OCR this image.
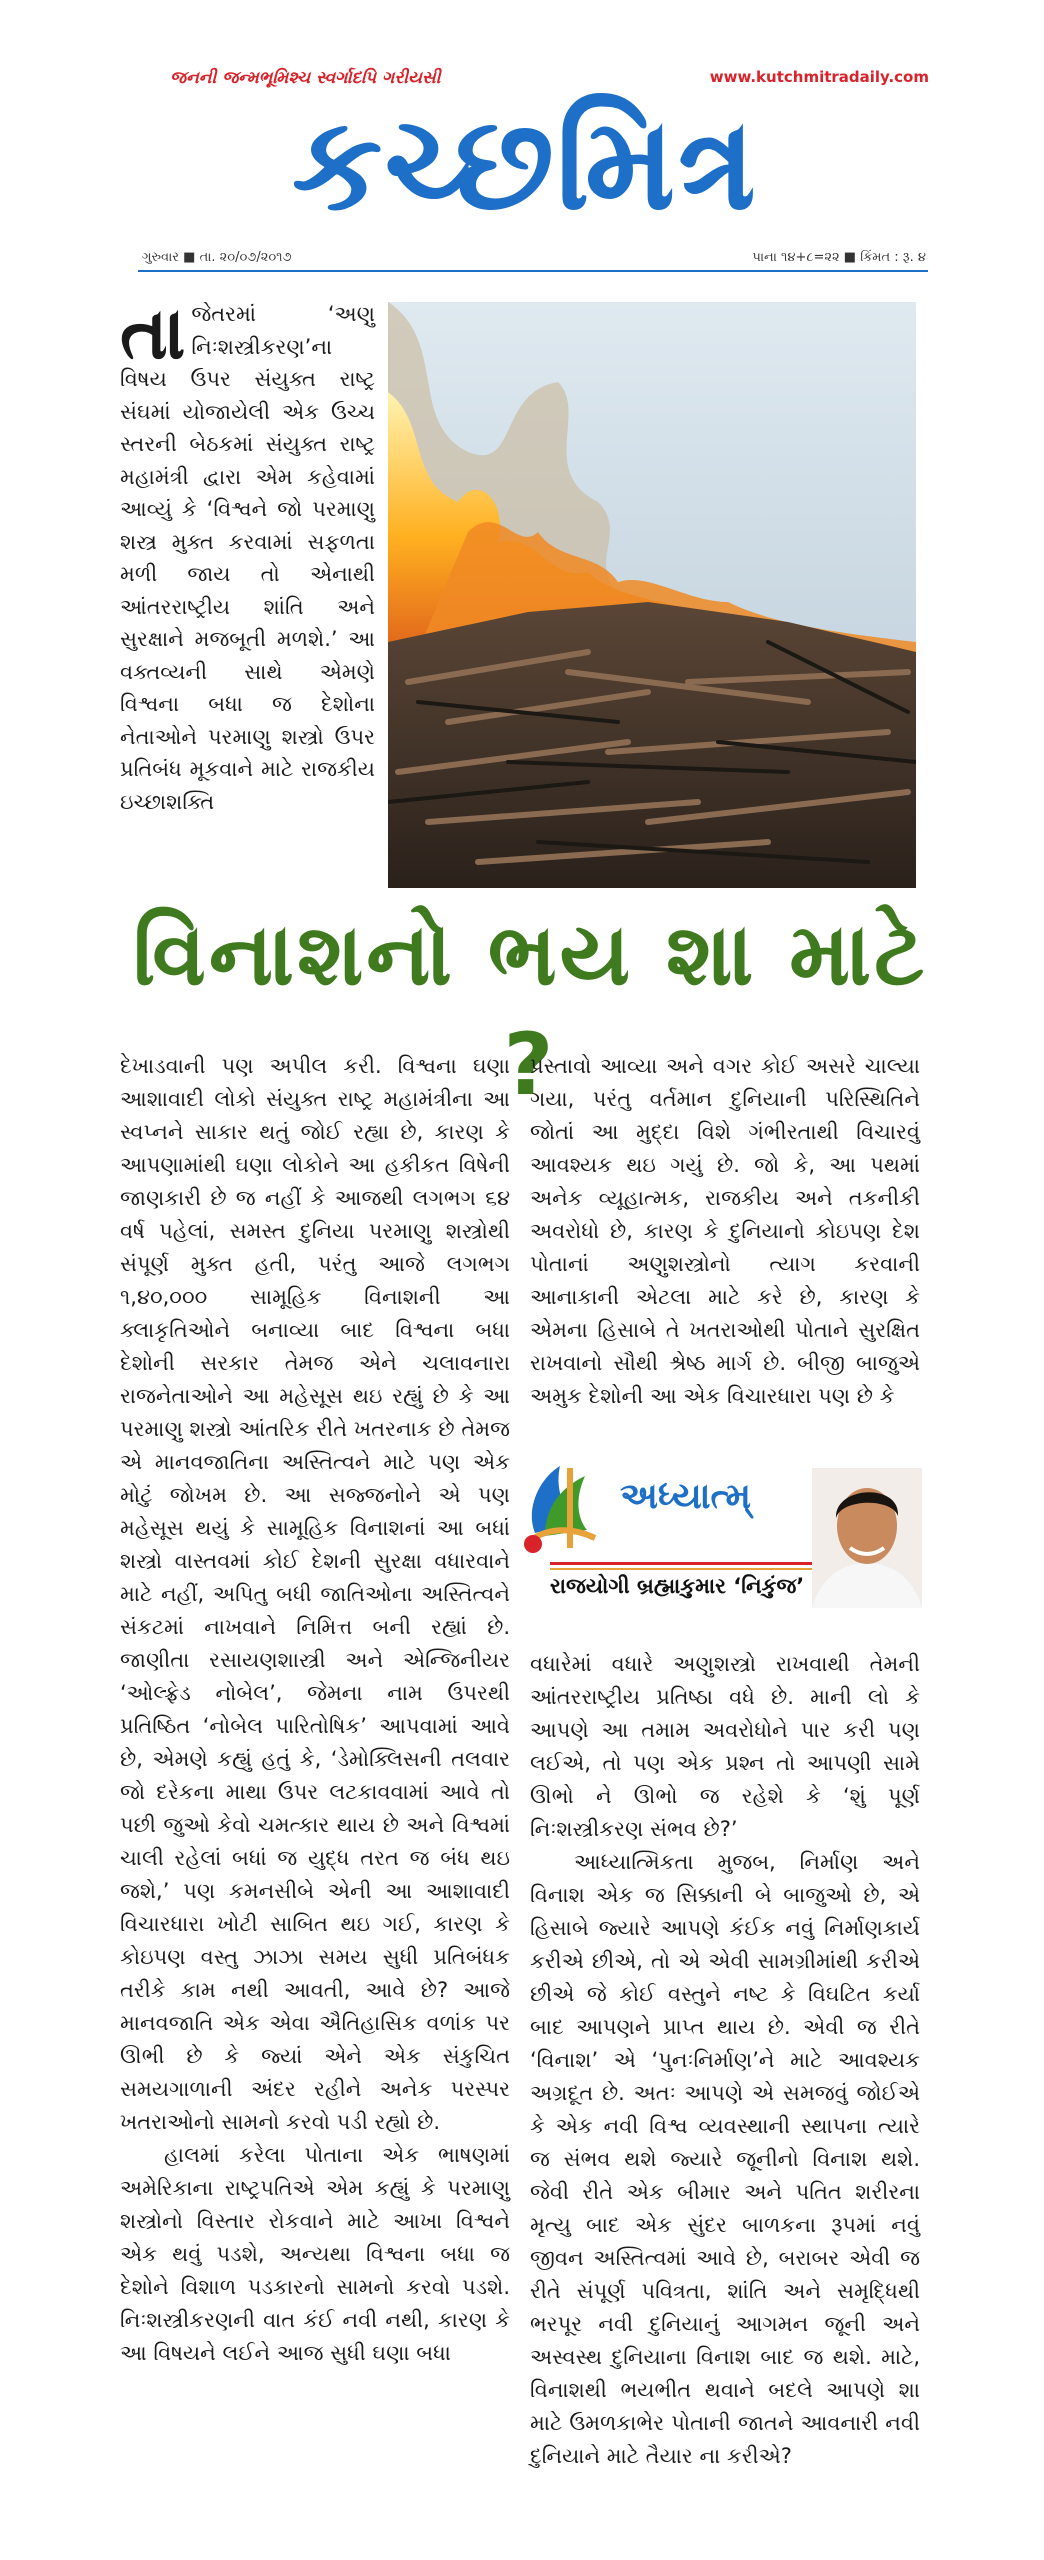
જનની જન્મભૂમિશ્ચ સ્વર્ગાદપિ ગરીયસી	www.kutchmitradaily.com
કચ્છમિત્ર
ગુરુવાર ■ તા. ૨૦/૦૭/૨૦૧૭	પાના ૧૪+૮=૨૨ ■ કિંમત : રૂ. ૪
તાજેતરમાં ‘અણુ નિઃશસ્ત્રીકરણ’ના વિષય ઉપર સંયુક્ત રાષ્ટ્ર સંઘમાં યોજાયેલી એક ઉચ્ચ સ્તરની બેઠકમાં સંયુક્ત રાષ્ટ્ર મહામંત્રી દ્વારા એમ કહેવામાં આવ્યું કે ‘વિશ્વને જો પરમાણુ શસ્ત્ર મુક્ત કરવામાં સફળતા મળી જાય તો એનાથી આંતરરાષ્ટ્રીય શાંતિ અને સુરક્ષાને મજબૂતી મળશે.’ આ વક્તવ્યની સાથે એમણે વિશ્વના બધા જ દેશોના નેતાઓને પરમાણુ શસ્ત્રો ઉપર પ્રતિબંધ મૂકવાને માટે રાજકીય ઇચ્છાશક્તિ
વિનાશનો ભય શા માટે ?

દેખાડવાની પણ અપીલ કરી. વિશ્વના ઘણા આશાવાદી લોકો સંયુક્ત રાષ્ટ્ર મહામંત્રીના આ સ્વપ્નને સાકાર થતું જોઈ રહ્યા છે, કારણ કે આપણામાંથી ઘણા લોકોને આ હકીકત વિષેની જાણકારી છે જ નહીં કે આજથી લગભગ ૬૪ વર્ષ પહેલાં, સમસ્ત દુનિયા પરમાણુ શસ્ત્રોથી સંપૂર્ણ મુક્ત હતી, પરંતુ આજે લગભગ ૧,૪૦,૦૦૦ સામૂહિક વિનાશની આ ક્લાકૃતિઓને બનાવ્યા બાદ વિશ્વના બધા દેશોની સરકાર તેમજ એને ચલાવનારા રાજનેતાઓને આ મહેસૂસ થઇ રહ્યું છે કે આ પરમાણુ શસ્ત્રો આંતરિક રીતે ખતરનાક છે તેમજ એ માનવજાતિના અસ્તિત્વને માટે પણ એક મોટું જોખમ છે. આ સજ્જનોને એ પણ મહેસૂસ થયું કે સામૂહિક વિનાશનાં આ બધાં શસ્ત્રો વાસ્તવમાં કોઈ દેશની સુરક્ષા વધારવાને માટે નહીં, અપિતુ બધી જાતિઓના અસ્તિત્વને સંકટમાં નાખવાને નિમિત્ત બની રહ્યાં છે. જાણીતા રસાયણશાસ્ત્રી અને એન્જિનીયર ‘ઓલ્ફ્રેડ નોબેલ’, જેમના નામ ઉપરથી પ્રતિષ્ઠિત ‘નોબેલ પારિતોષિક’ આપવામાં આવે છે, એમણે કહ્યું હતું કે, ‘ડેમોક્લિસની તલવાર જો દરેકના માથા ઉપર લટકાવવામાં આવે તો પછી જુઓ કેવો ચમત્કાર થાય છે અને વિશ્વમાં ચાલી રહેલાં બધાં જ યુદ્ધ તરત જ બંધ થઇ જશે,’ પણ કમનસીબે એની આ આશાવાદી વિચારધારા ખોટી સાબિત થઇ ગઈ, કારણ કે કોઇપણ વસ્તુ ઝાઝા સમય સુધી પ્રતિબંધક તરીકે કામ નથી આવતી, આવે છે? આજે માનવજાતિ એક એવા ઐતિહાસિક વળાંક પર ઊભી છે કે જ્યાં એને એક સંકુચિત સમયગાળાની અંદર રહીને અનેક પરસ્પર ખતરાઓનો સામનો કરવો પડી રહ્યો છે.

હાલમાં કરેલા પોતાના એક ભાષણમાં અમેરિકાના રાષ્ટ્રપતિએ એમ કહ્યું કે પરમાણુ શસ્ત્રોનો વિસ્તાર રોકવાને માટે આખા વિશ્વને એક થવું પડશે, અન્યથા વિશ્વના બધા જ દેશોને વિશાળ પડકારનો સામનો કરવો પડશે. નિઃશસ્ત્રીકરણની વાત કંઈ નવી નથી, કારણ કે આ વિષયને લઈને આજ સુધી ઘણા બધા

પ્રસ્તાવો આવ્યા અને વગર કોઈ અસરે ચાલ્યા ગયા, પરંતુ વર્તમાન દુનિયાની પરિસ્થિતિને જોતાં આ મુદ્દા વિશે ગંભીરતાથી વિચારવું આવશ્યક થઇ ગયું છે. જો કે, આ પથમાં અનેક વ્યૂહાત્મક, રાજકીય અને તકનીકી અવરોધો છે, કારણ કે દુનિયાનો કોઇપણ દેશ પોતાનાં અણુશસ્ત્રોનો ત્યાગ કરવાની આનાકાની એટલા માટે કરે છે, કારણ કે એમના હિસાબે તે ખતરાઓથી પોતાને સુરક્ષિત રાખવાનો સૌથી શ્રેષ્ઠ માર્ગ છે. બીજી બાજુએ અમુક દેશોની આ એક વિચારધારા પણ છે કે

અધ્યાત્મ્
રાજયોગી બ્રહ્માકુમાર ‘નિકુંજ’

વધારેમાં વધારે અણુશસ્ત્રો રાખવાથી તેમની આંતરરાષ્ટ્રીય પ્રતિષ્ઠા વધે છે. માની લો કે આપણે આ તમામ અવરોધોને પાર કરી પણ લઈએ, તો પણ એક પ્રશ્ન તો આપણી સામે ઊભો ને ઊભો જ રહેશે કે ‘શું પૂર્ણ નિઃશસ્ત્રીકરણ સંભવ છે?’

આધ્યાત્મિકતા મુજબ, નિર્માણ અને વિનાશ એક જ સિક્કાની બે બાજુઓ છે, એ હિસાબે જ્યારે આપણે કંઈક નવું નિર્માણકાર્ય કરીએ છીએ, તો એ એવી સામગ્રીમાંથી કરીએ છીએ જે કોઈ વસ્તુને નષ્ટ કે વિઘટિત કર્યા બાદ આપણને પ્રાપ્ત થાય છે. એવી જ રીતે ‘વિનાશ’ એ ‘પુનઃનિર્માણ’ને માટે આવશ્યક અગ્રદૂત છે. અતઃ આપણે એ સમજવું જોઈએ કે એક નવી વિશ્વ વ્યવસ્થાની સ્થાપના ત્યારે જ સંભવ થશે જ્યારે જૂનીનો વિનાશ થશે. જેવી રીતે એક બીમાર અને પતિત શરીરના મૃત્યુ બાદ એક સુંદર બાળકના રૂપમાં નવું જીવન અસ્તિત્વમાં આવે છે, બરાબર એવી જ રીતે સંપૂર્ણ પવિત્રતા, શાંતિ અને સમૃદ્ધિથી ભરપૂર નવી દુનિયાનું આગમન જૂની અને અસ્વસ્થ દુનિયાના વિનાશ બાદ જ થશે. માટે, વિનાશથી ભયભીત થવાને બદલે આપણે શા માટે ઉમળકાભેર પોતાની જાતને આવનારી નવી દુનિયાને માટે તૈયાર ના કરીએ?
